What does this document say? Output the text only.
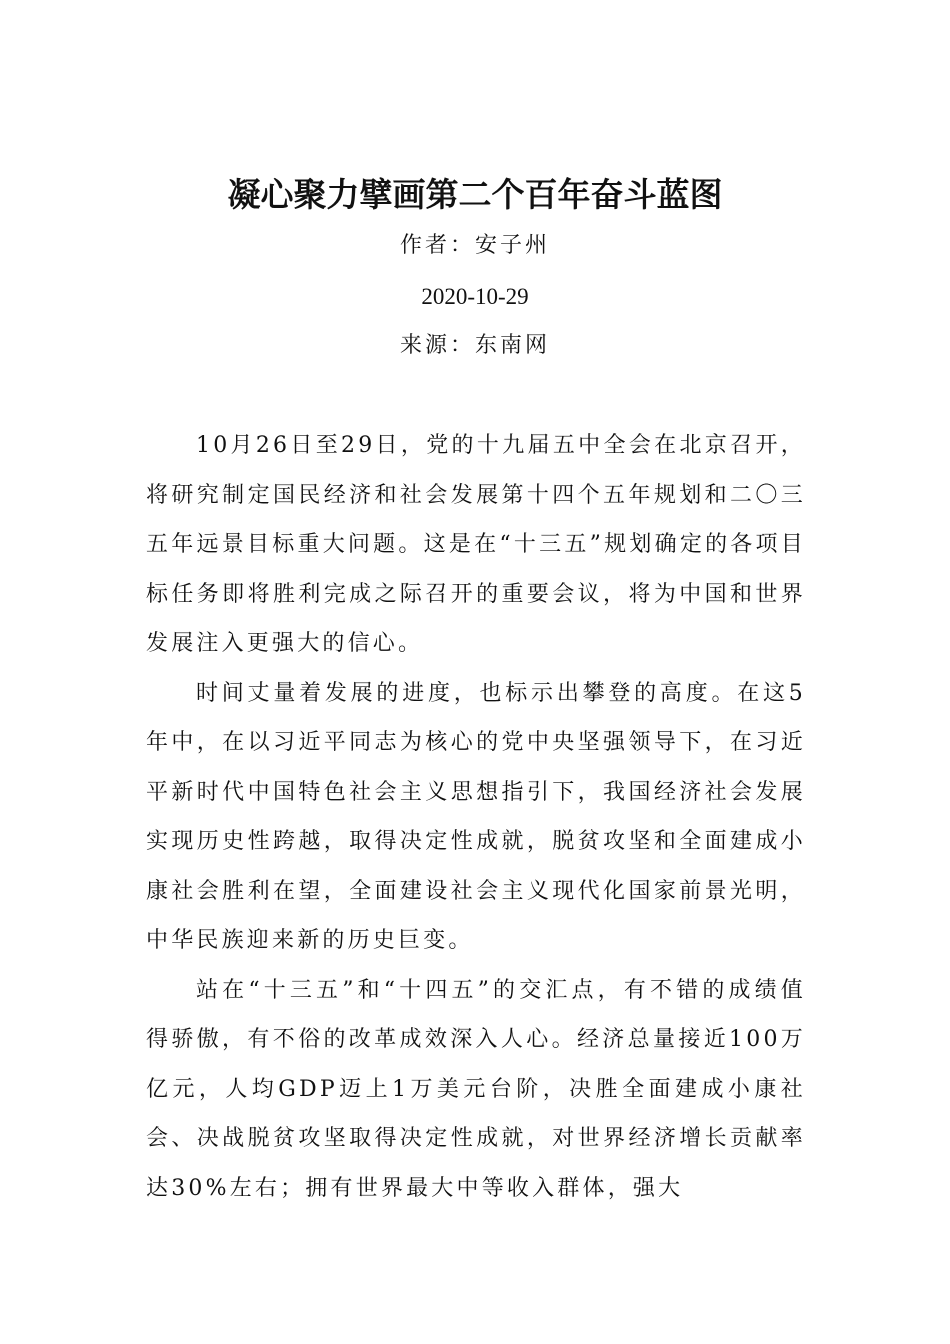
凝心聚力擘画第二个百年奋斗蓝图
作者：安子州
2020-10-29
来源：东南网

10月26日至29日，党的十九届五中全会在北京召开，将研究制定国民经济和社会发展第十四个五年规划和二〇三五年远景目标重大问题。这是在“十三五”规划确定的各项目标任务即将胜利完成之际召开的重要会议，将为中国和世界发展注入更强大的信心。

时间丈量着发展的进度，也标示出攀登的高度。在这5年中，在以习近平同志为核心的党中央坚强领导下，在习近平新时代中国特色社会主义思想指引下，我国经济社会发展实现历史性跨越，取得决定性成就，脱贫攻坚和全面建成小康社会胜利在望，全面建设社会主义现代化国家前景光明，中华民族迎来新的历史巨变。

站在“十三五”和“十四五”的交汇点，有不错的成绩值得骄傲，有不俗的改革成效深入人心。经济总量接近100万亿元，人均GDP迈上1万美元台阶，决胜全面建成小康社会、决战脱贫攻坚取得决定性成就，对世界经济增长贡献率达30%左右；拥有世界最大中等收入群体，强大
